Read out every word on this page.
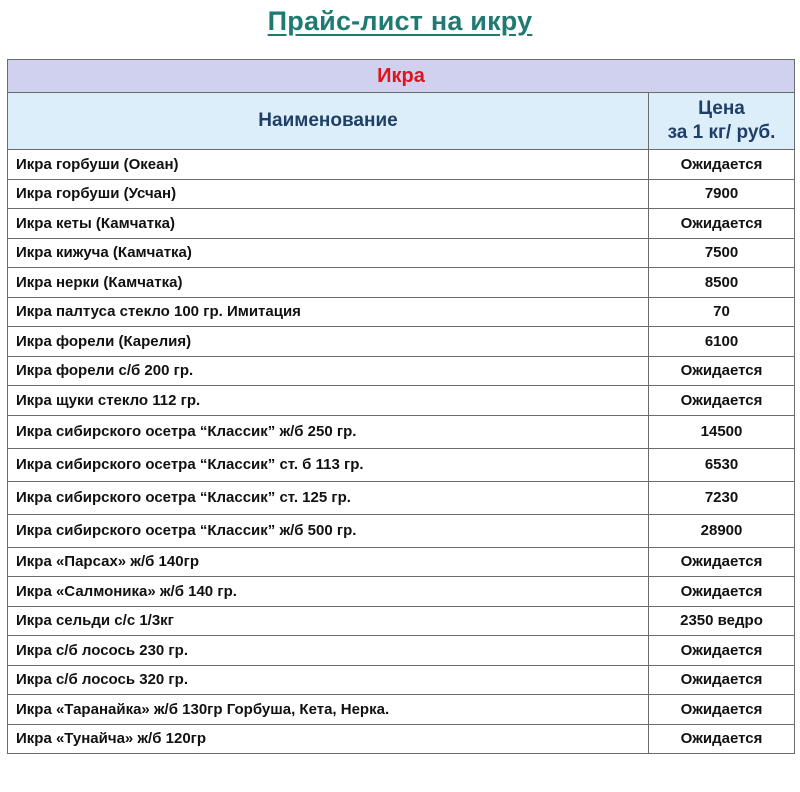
Прайс-лист на икру
Икра	
Наименование	Цена
за 1 кг/ руб.

Икра горбуши (Океан)	Ожидается
Икра горбуши (Усчан)	7900
Икра кеты (Камчатка)	Ожидается
Икра кижуча (Камчатка)	7500
Икра нерки (Камчатка)	8500
Икра палтуса стекло 100 гр. Имитация	70
Икра форели (Карелия)	6100
Икра форели с/б 200 гр.	Ожидается
Икра щуки стекло 112 гр.	Ожидается
Икра сибирского осетра “Классик” ж/б 250 гр.	14500
Икра сибирского осетра “Классик” ст. б 113 гр.	6530
Икра сибирского осетра “Классик” ст. 125 гр.	7230
Икра сибирского осетра “Классик” ж/б 500 гр.	28900
Икра «Парсах» ж/б 140гр	Ожидается
Икра «Салмоника» ж/б 140 гр.	Ожидается
Икра сельди с/с 1/3кг	2350 ведро
Икра с/б лосось 230 гр.	Ожидается
Икра с/б лосось 320 гр.	Ожидается
Икра «Таранайка» ж/б 130гр Горбуша, Кета, Нерка.	Ожидается
Икра «Тунайча» ж/б 120гр	Ожидается
